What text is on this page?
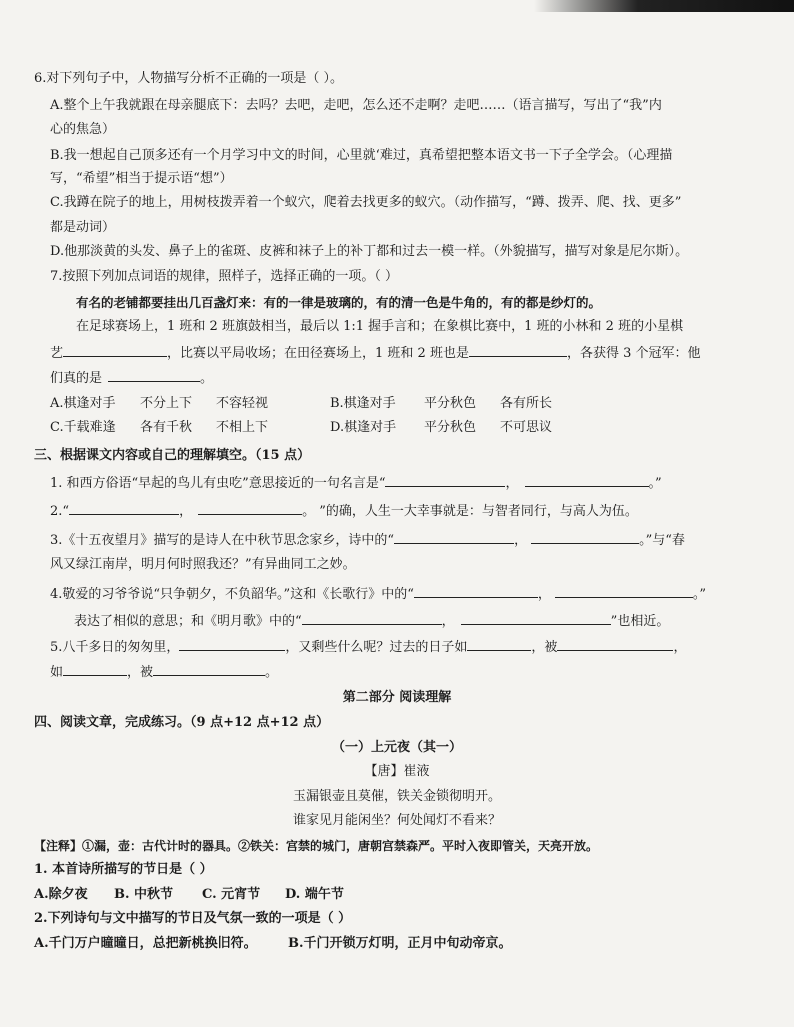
6.对下列句子中，人物描写分析不正确的一项是（ ）。
A.整个上午我就跟在母亲腿底下：去吗？去吧，走吧，怎么还不走啊？走吧……（语言描写，写出了“我”内
心的焦急）
B.我一想起自己顶多还有一个月学习中文的时间，心里就‘难过，真希望把整本语文书一下子全学会。（心理描
写，“希望”相当于提示语“想”）
C.我蹲在院子的地上，用树枝拨弄着一个蚁穴，爬着去找更多的蚁穴。（动作描写，“蹲、拨弄、爬、找、更多”
都是动词）
D.他那淡黄的头发、鼻子上的雀斑、皮裤和袜子上的补丁都和过去一模一样。（外貌描写，描写对象是尼尔斯）。
7.按照下列加点词语的规律，照样子，选择正确的一项。（ ）
有名的老铺都要挂出几百盏灯来：有的一律是玻璃的，有的清一色是牛角的，有的都是纱灯的。
在足球赛场上，1 班和 2 班旗鼓相当，最后以 1:1 握手言和；在象棋比赛中，1 班的小林和 2 班的小星棋
艺	，比赛以平局收场；在田径赛场上，1 班和 2 班也是	，各获得 3 个冠军：他
们真的是	。
A.棋逢对手 不分上下 不容轻视	B.棋逢对手 平分秋色 各有所长
C.千载难逢 各有千秋 不相上下	D.棋逢对手 平分秋色 不可思议
三、根据课文内容或自己的理解填空。（15 点）
1. 和西方俗语“早起的鸟儿有虫吃”意思接近的一句名言是“	，	。”
2.“	，	。 ”的确，人生一大幸事就是：与智者同行，与高人为伍。
3.《十五夜望月》描写的是诗人在中秋节思念家乡，诗中的“	，	。”与“春
风又绿江南岸，明月何时照我还？”有异曲同工之妙。
4.敬爱的习爷爷说“只争朝夕，不负韶华。”这和《长歌行》中的“	，	。”
表达了相似的意思；和《明月歌》中的“	，	”也相近。
5.八千多日的匆匆里，	，又剩些什么呢？过去的日子如	，被	，
如	，被	。
第二部分 阅读理解
四、阅读文章，完成练习。（9 点+12 点+12 点）
（一）上元夜（其一）
【唐】崔液
玉漏银壶且莫催，铁关金锁彻明开。
谁家见月能闲坐？何处闻灯不看来？
【注释】①漏，壶：古代计时的器具。②铁关：宫禁的城门，唐朝宫禁森严。平时入夜即管关，天亮开放。
1. 本首诗所描写的节日是（ ）
A.除夕夜 B. 中秋节 C. 元宵节 D. 端午节
2.下列诗句与文中描写的节日及气氛一致的一项是（ ）
A.千门万户曈曈日，总把新桃换旧符。 B.千门开锁万灯明，正月中旬动帝京。
